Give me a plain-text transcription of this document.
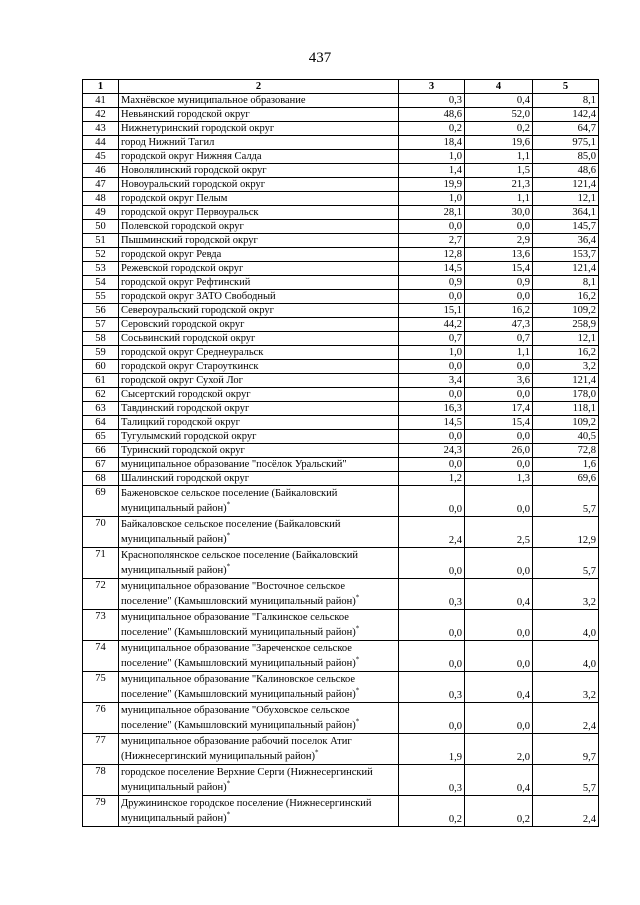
437
1	2	3	4	5
41	Махнёвское муниципальное образование	0,3	0,4	8,1
42	Невьянский городской округ	48,6	52,0	142,4
43	Нижнетуринский городской округ	0,2	0,2	64,7
44	город Нижний Тагил	18,4	19,6	975,1
45	городской округ Нижняя Салда	1,0	1,1	85,0
46	Новолялинский городской округ	1,4	1,5	48,6
47	Новоуральский городской округ	19,9	21,3	121,4
48	городской округ Пелым	1,0	1,1	12,1
49	городской округ Первоуральск	28,1	30,0	364,1
50	Полевской городской округ	0,0	0,0	145,7
51	Пышминский городской округ	2,7	2,9	36,4
52	городской округ Ревда	12,8	13,6	153,7
53	Режевской городской округ	14,5	15,4	121,4
54	городской округ Рефтинский	0,9	0,9	8,1
55	городской округ ЗАТО Свободный	0,0	0,0	16,2
56	Североуральский городской округ	15,1	16,2	109,2
57	Серовский городской округ	44,2	47,3	258,9
58	Сосьвинский городской округ	0,7	0,7	12,1
59	городской округ Среднеуральск	1,0	1,1	16,2
60	городской округ Староуткинск	0,0	0,0	3,2
61	городской округ Сухой Лог	3,4	3,6	121,4
62	Сысертский городской округ	0,0	0,0	178,0
63	Тавдинский городской округ	16,3	17,4	118,1
64	Талицкий городской округ	14,5	15,4	109,2
65	Тугулымский городской округ	0,0	0,0	40,5
66	Туринский городской округ	24,3	26,0	72,8
67	муниципальное образование "посёлок Уральский"	0,0	0,0	1,6
68	Шалинский городской округ	1,2	1,3	69,6
69	Баженовское сельское поселение (Байкаловский муниципальный район)*	0,0	0,0	5,7
70	Байкаловское сельское поселение (Байкаловский муниципальный район)*	2,4	2,5	12,9
71	Краснополянское сельское поселение (Байкаловский муниципальный район)*	0,0	0,0	5,7
72	муниципальное образование "Восточное сельское поселение" (Камышловский муниципальный район)*	0,3	0,4	3,2
73	муниципальное образование "Галкинское сельское поселение" (Камышловский муниципальный район)*	0,0	0,0	4,0
74	муниципальное образование "Зареченское сельское поселение" (Камышловский муниципальный район)*	0,0	0,0	4,0
75	муниципальное образование "Калиновское сельское поселение" (Камышловский муниципальный район)*	0,3	0,4	3,2
76	муниципальное образование "Обуховское сельское поселение" (Камышловский муниципальный район)*	0,0	0,0	2,4
77	муниципальное образование рабочий поселок Атиг (Нижнесергинский муниципальный район)*	1,9	2,0	9,7
78	городское поселение Верхние Серги (Нижнесергинский муниципальный район)*	0,3	0,4	5,7
79	Дружининское городское поселение (Нижнесергинский муниципальный район)*	0,2	0,2	2,4
